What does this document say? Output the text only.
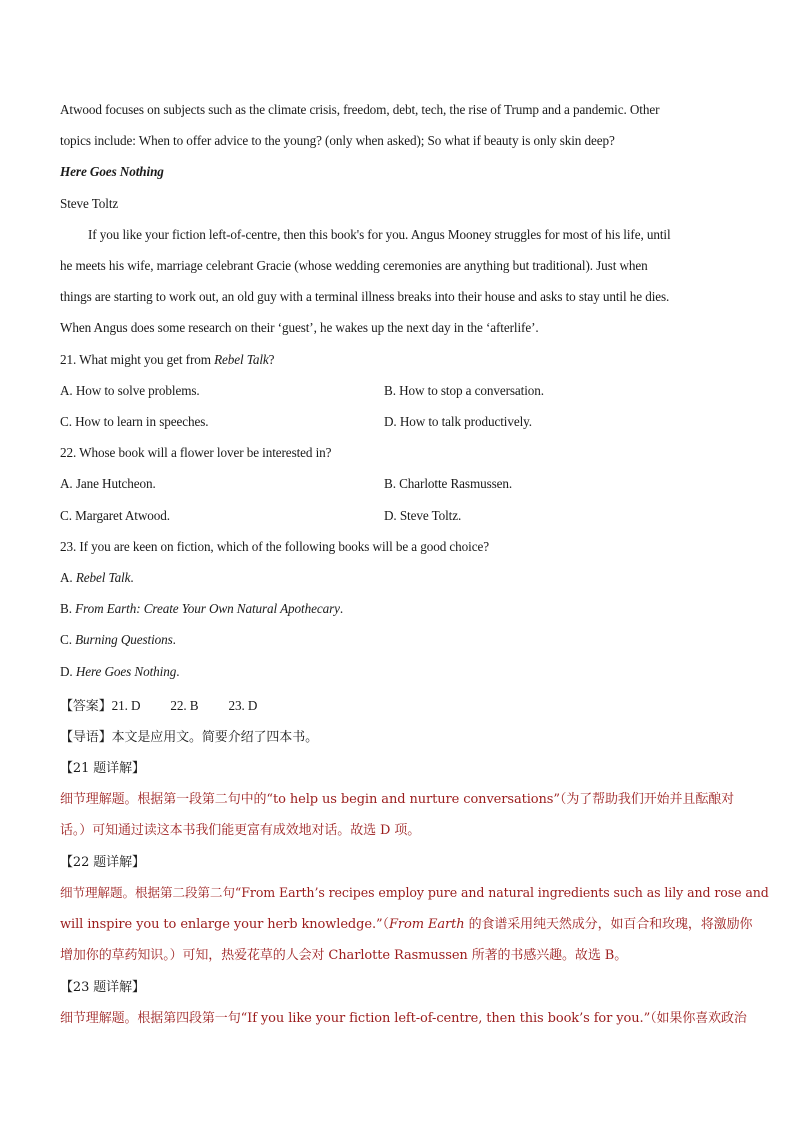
Atwood focuses on subjects such as the climate crisis, freedom, debt, tech, the rise of Trump and a pandemic. Other
topics include: When to offer advice to the young? (only when asked); So what if beauty is only skin deep?
Here Goes Nothing
Steve Toltz
If you like your fiction left-of-centre, then this book's for you. Angus Mooney struggles for most of his life, until
he meets his wife, marriage celebrant Gracie (whose wedding ceremonies are anything but traditional). Just when
things are starting to work out, an old guy with a terminal illness breaks into their house and asks to stay until he dies.
When Angus does some research on their ‘guest’, he wakes up the next day in the ‘afterlife’.
21. What might you get from Rebel Talk?
A. How to solve problems.	B. How to stop a conversation.
C. How to learn in speeches.	D. How to talk productively.
22. Whose book will a flower lover be interested in?
A. Jane Hutcheon.	B. Charlotte Rasmussen.
C. Margaret Atwood.	D. Steve Toltz.
23. If you are keen on fiction, which of the following books will be a good choice?
A. Rebel Talk.
B. From Earth: Create Your Own Natural Apothecary.
C. Burning Questions.
D. Here Goes Nothing.
【答案】21. D 22. B 23. D
【导语】本文是应用文。简要介绍了四本书。
【21 题详解】
细节理解题。根据第一段第二句中的“to help us begin and nurture conversations”（为了帮助我们开始并且酝酿对
话。）可知通过读这本书我们能更富有成效地对话。故选 D 项。
【22 题详解】
细节理解题。根据第二段第二句“From Earth’s recipes employ pure and natural ingredients such as lily and rose and
will inspire you to enlarge your herb knowledge.”（From Earth 的食谱采用纯天然成分，如百合和玫瑰，将激励你
增加你的草药知识。）可知，热爱花草的人会对 Charlotte Rasmussen 所著的书感兴趣。故选 B。
【23 题详解】
细节理解题。根据第四段第一句“If you like your fiction left-of-centre, then this book’s for you.”（如果你喜欢政治
